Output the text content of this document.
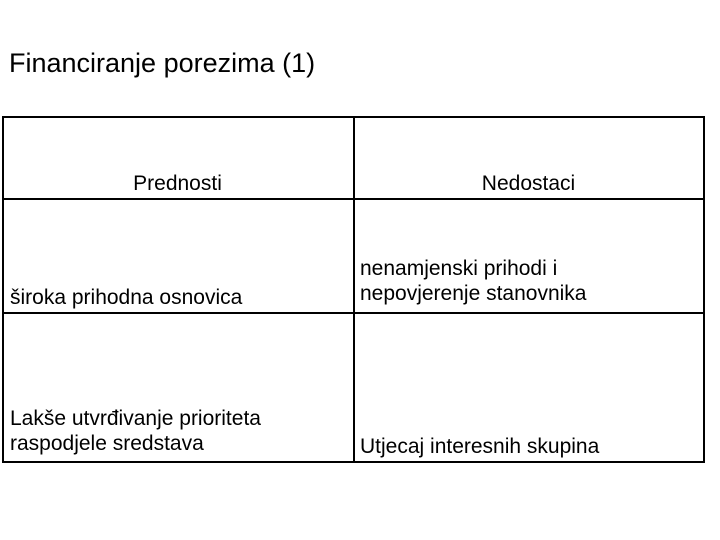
Financiranje porezima (1)
Prednosti	Nedostaci
široka prihodna osnovica
nenamjenski prihodi i
nepovjerenje stanovnika
Lakše utvrđivanje prioriteta
raspodjele sredstava	Utjecaj interesnih skupina
